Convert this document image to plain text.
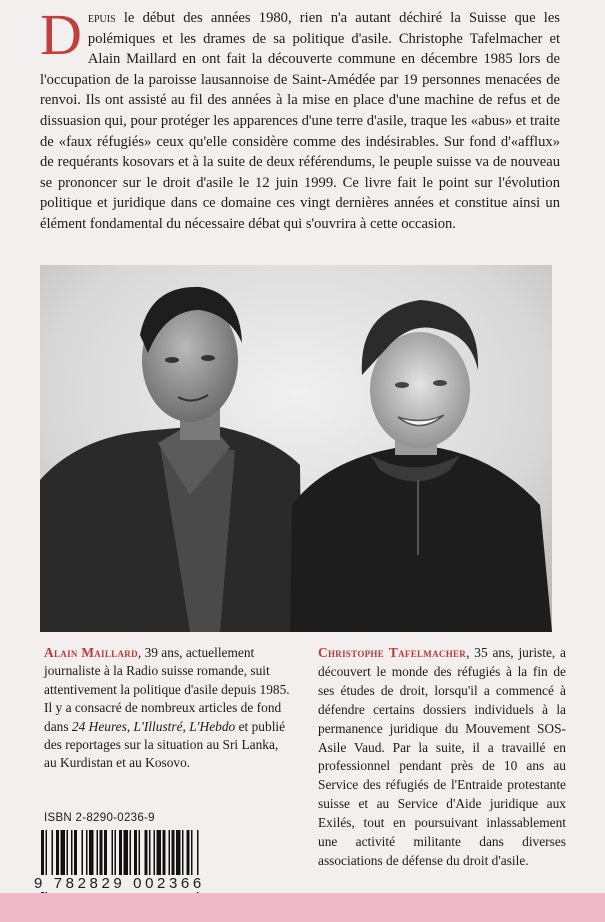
Depuis le début des années 1980, rien n'a autant déchiré la Suisse que les polémiques et les drames de sa politique d'asile. Christophe Tafelmacher et Alain Maillard en ont fait la découverte commune en décembre 1985 lors de l'occupation de la paroisse lausannoise de Saint-Amédée par 19 personnes menacées de renvoi. Ils ont assisté au fil des années à la mise en place d'une machine de refus et de dissuasion qui, pour protéger les apparences d'une terre d'asile, traque les «abus» et traite de «faux réfugiés» ceux qu'elle considère comme des indésirables. Sur fond d'«afflux» de requérants kosovars et à la suite de deux référendums, le peuple suisse va de nouveau se prononcer sur le droit d'asile le 12 juin 1999. Ce livre fait le point sur l'évolution politique et juridique dans ce domaine ces vingt dernières années et constitue ainsi un élément fondamental du nécessaire débat qui s'ouvrira à cette occasion.
Alain Maillard, 39 ans, actuellement journaliste à la Radio suisse romande, suit attentivement la politique d'asile depuis 1985. Il y a consacré de nombreux articles de fond dans 24 Heures, L'Illustré, L'Hebdo et publié des reportages sur la situation au Sri Lanka, au Kurdistan et au Kosovo.
Christophe Tafelmacher, 35 ans, juriste, a découvert le monde des réfugiés à la fin de ses études de droit, lorsqu'il a commencé à défendre certains dossiers individuels à la permanence juridique du Mouvement SOS-Asile Vaud. Par la suite, il a travaillé en professionnel pendant près de 10 ans au Service des réfugiés de l'Entraide protestante suisse et au Service d'Aide juridique aux Exilés, tout en poursuivant inlassablement une activité militante dans diverses associations de défense du droit d'asile.
ISBN 2-8290-0236-9
9 782829 002366
